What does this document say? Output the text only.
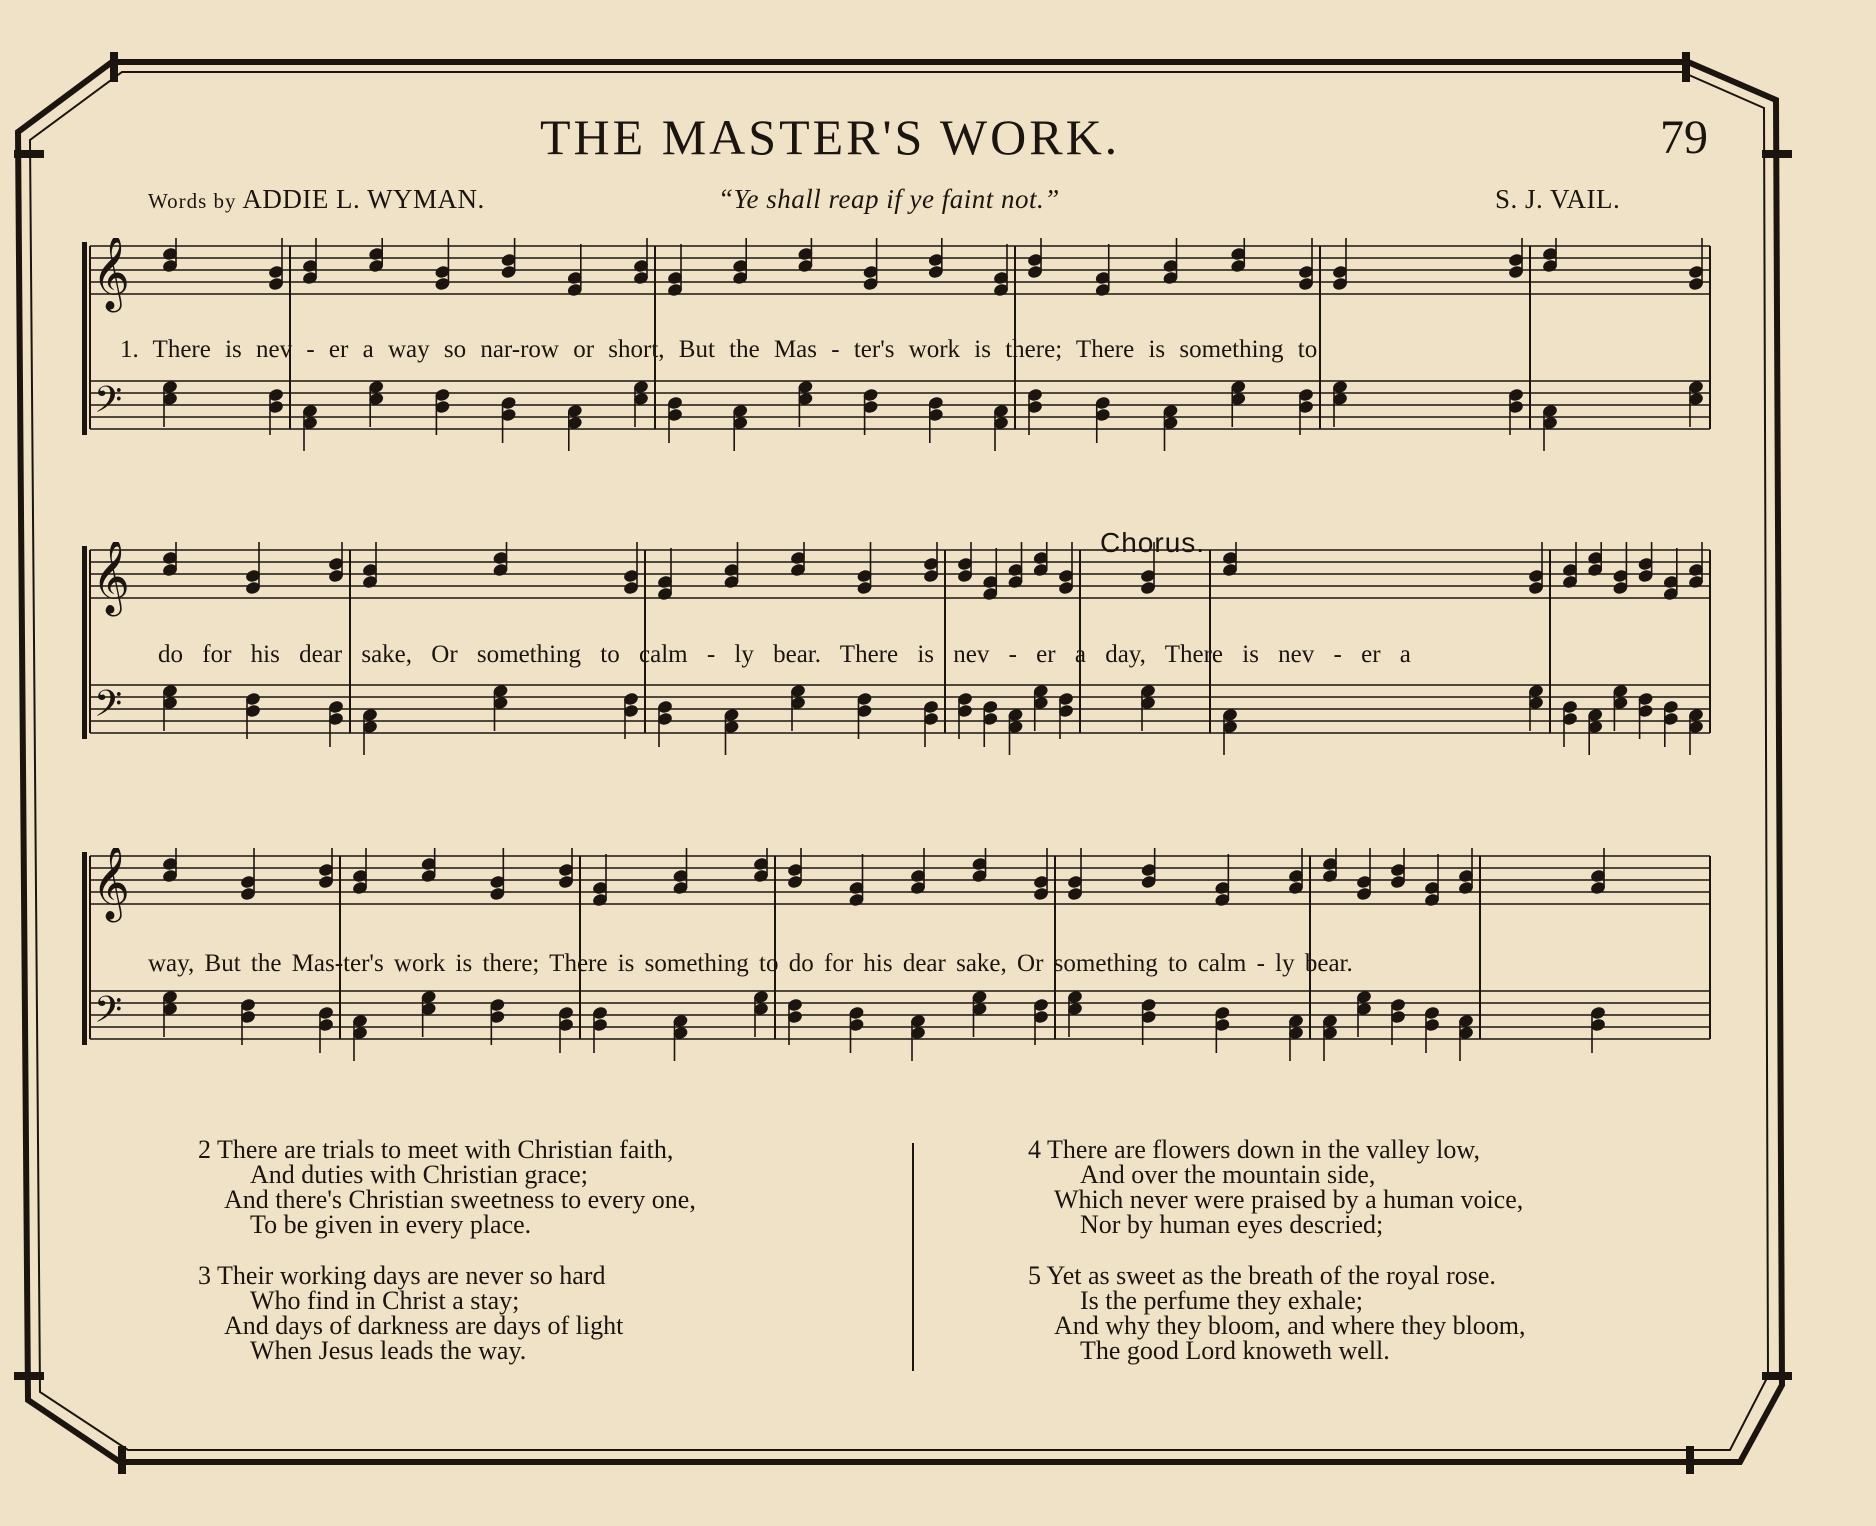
THE MASTER'S WORK.	79
Words by ADDIE L. WYMAN.	“Ye shall reap if ye faint not.”	S. J. VAIL.
𝄞
𝄢
𝄞
𝄢
𝄞
𝄢
1. There is nev - er a way so nar-row or short, But the Mas - ter's work is there; There is something to
Chorus.
do for his dear sake, Or something to calm - ly bear. There is nev - er a day, There is nev - er a
way, But the Mas-ter's work is there; There is something to do for his dear sake, Or something to calm - ly bear.
2 There are trials to meet with Christian faith,
And duties with Christian grace;
And there's Christian sweetness to every one,
To be given in every place.
3 Their working days are never so hard
Who find in Christ a stay;
And days of darkness are days of light
When Jesus leads the way.
4 There are flowers down in the valley low,
And over the mountain side,
Which never were praised by a human voice,
Nor by human eyes descried;
5 Yet as sweet as the breath of the royal rose.
Is the perfume they exhale;
And why they bloom, and where they bloom,
The good Lord knoweth well.
